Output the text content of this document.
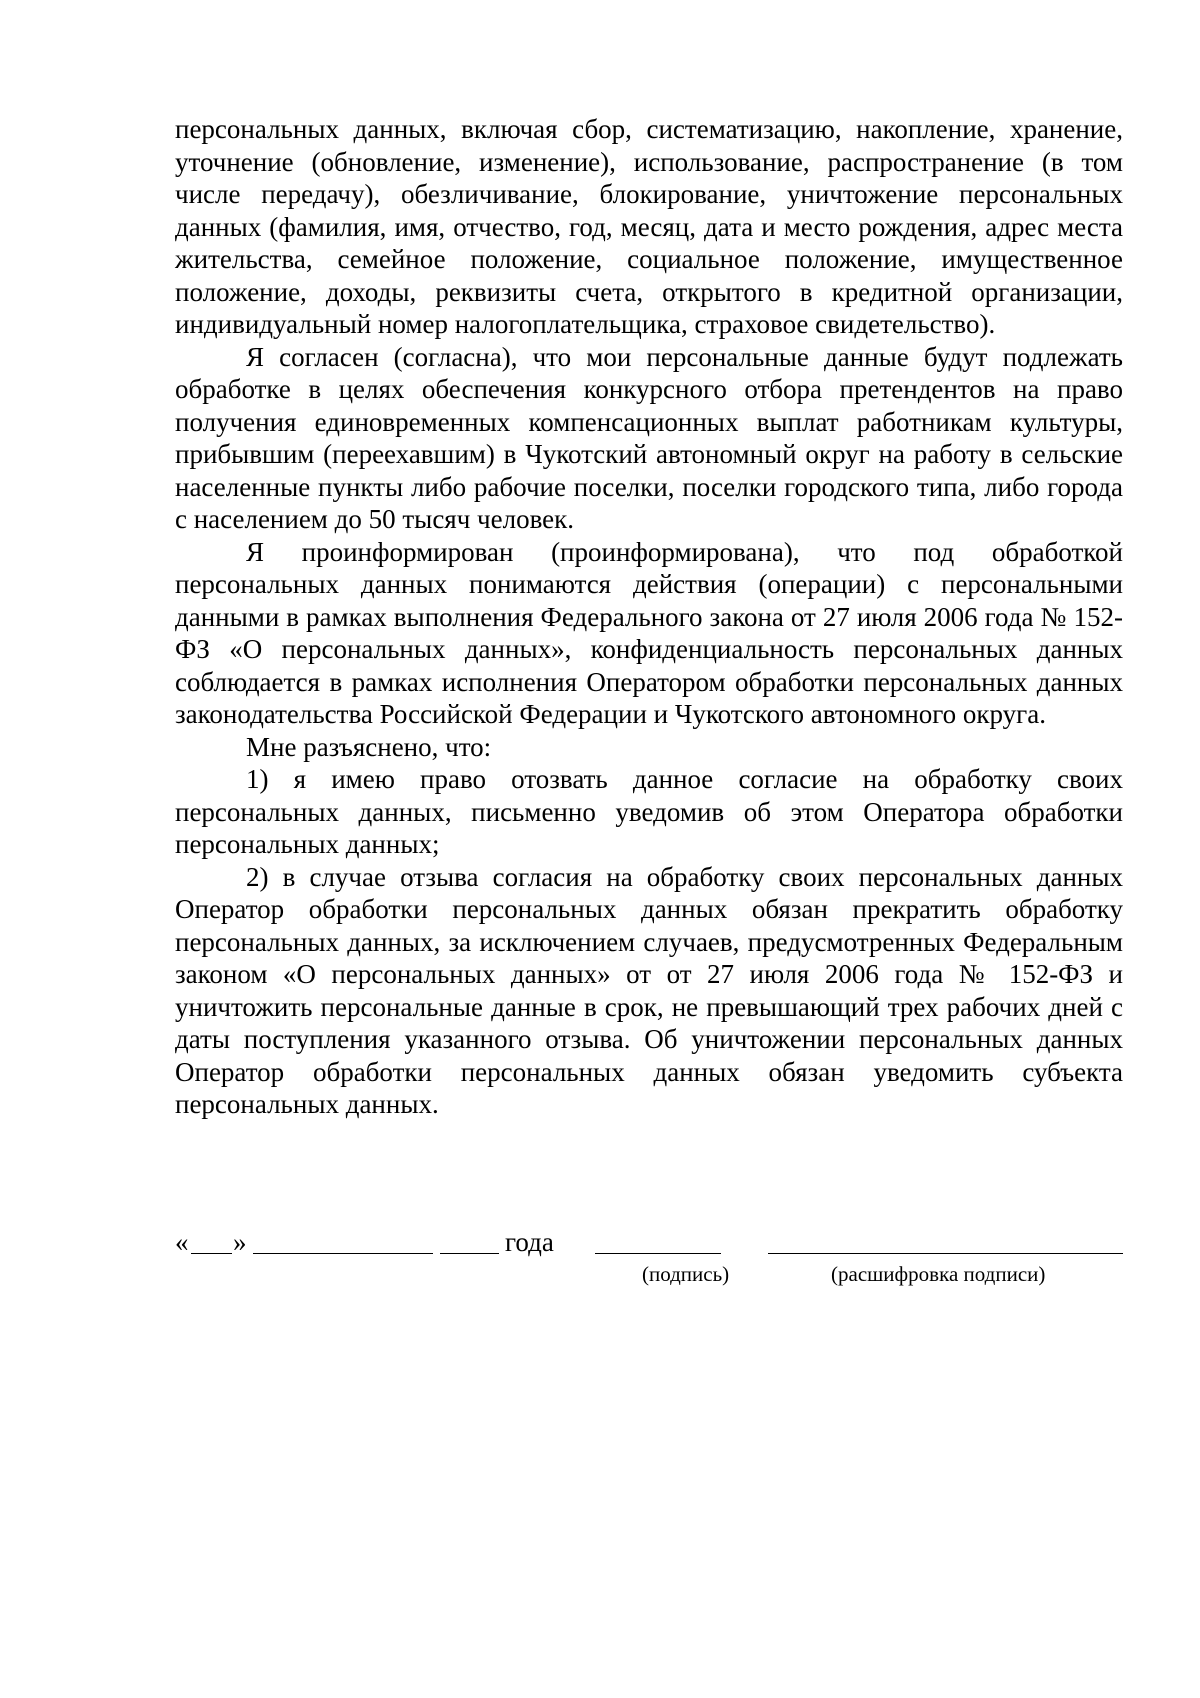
персональных данных, включая сбор, систематизацию, накопление, хранение, уточнение (обновление, изменение), использование, распространение (в том числе передачу), обезличивание, блокирование, уничтожение персональных данных (фамилия, имя, отчество, год, месяц, дата и место рождения, адрес места жительства, семейное положение, социальное положение, имущественное положение, доходы, реквизиты счета, открытого в кредитной организации, индивидуальный номер налогоплательщика, страховое свидетельство).

Я согласен (согласна), что мои персональные данные будут подлежать обработке в целях обеспечения конкурсного отбора претендентов на право получения единовременных компенсационных выплат работникам культуры, прибывшим (переехавшим) в Чукотский автономный округ на работу в сельские населенные пункты либо рабочие поселки, поселки городского типа, либо города с населением до 50 тысяч человек.

Я проинформирован (проинформирована), что под обработкой персональных данных понимаются действия (операции) с персональными данными в рамках выполнения Федерального закона от 27 июля 2006 года № 152-ФЗ «О персональных данных», конфиденциальность персональных данных соблюдается в рамках исполнения Оператором обработки персональных данных законодательства Российской Федерации и Чукотского автономного округа.

Мне разъяснено, что:

1) я имею право отозвать данное согласие на обработку своих персональных данных, письменно уведомив об этом Оператора обработки персональных данных;

2) в случае отзыва согласия на обработку своих персональных данных Оператор обработки персональных данных обязан прекратить обработку персональных данных, за исключением случаев, предусмотренных Федеральным законом «О персональных данных» от от 27 июля 2006 года № 152-ФЗ и уничтожить персональные данные в срок, не превышающий трех рабочих дней с даты поступления указанного отзыва. Об уничтожении персональных данных Оператор обработки персональных данных обязан уведомить субъекта персональных данных.

« »	года
(подпись)	(расшифровка подписи)
